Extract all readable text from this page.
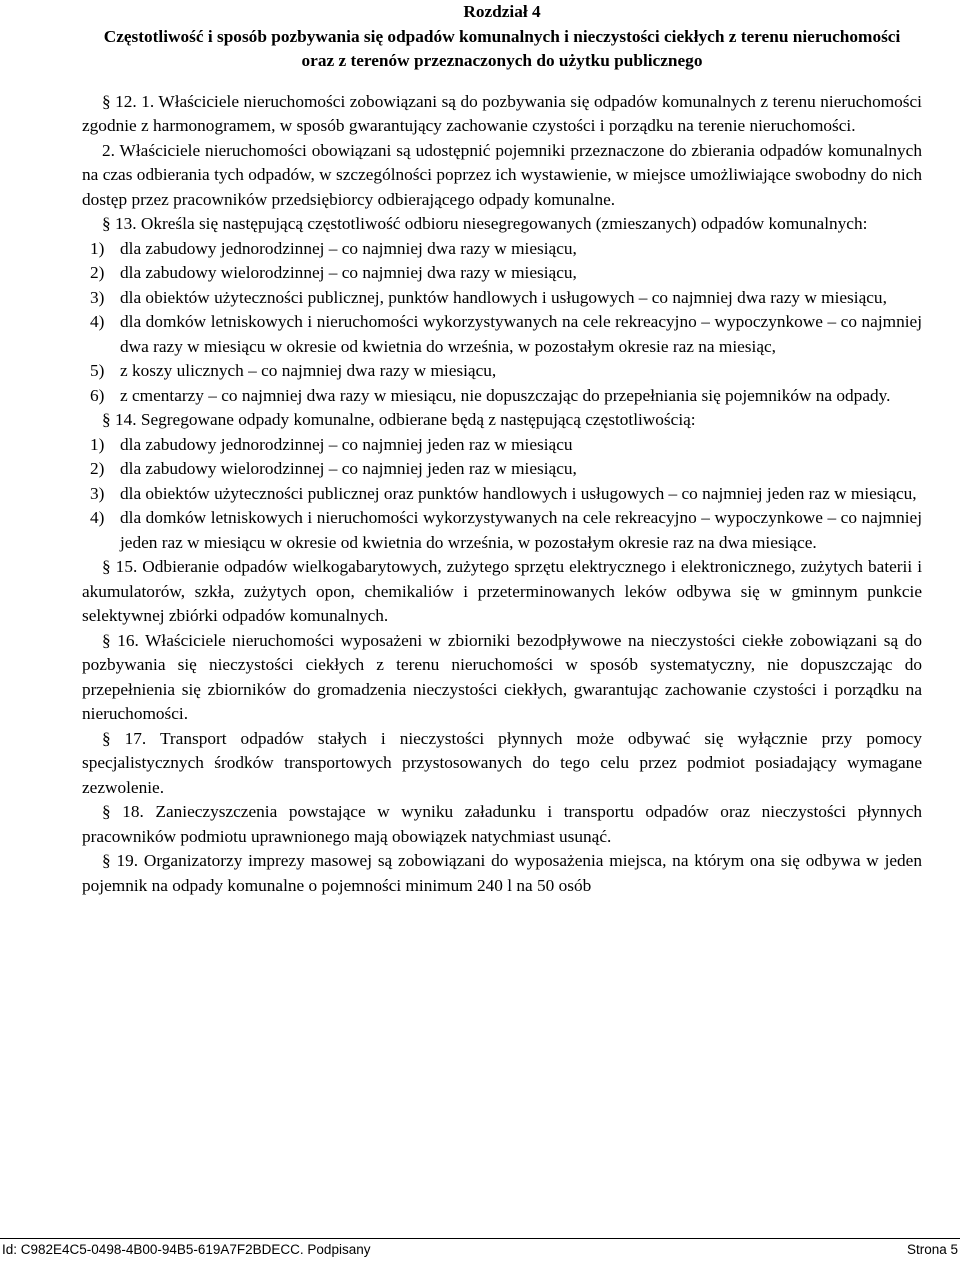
Rozdział 4
Częstotliwość i sposób pozbywania się odpadów komunalnych i nieczystości ciekłych z terenu nieruchomości oraz z terenów przeznaczonych do użytku publicznego

§ 12. 1. Właściciele nieruchomości zobowiązani są do pozbywania się odpadów komunalnych z terenu nieruchomości zgodnie z harmonogramem, w sposób gwarantujący zachowanie czystości i porządku na terenie nieruchomości.

2. Właściciele nieruchomości obowiązani są udostępnić pojemniki przeznaczone do zbierania odpadów komunalnych na czas odbierania tych odpadów, w szczególności poprzez ich wystawienie, w miejsce umożliwiające swobodny do nich dostęp przez pracowników przedsiębiorcy odbierającego odpady komunalne.

§ 13. Określa się następującą częstotliwość odbioru niesegregowanych (zmieszanych) odpadów komunalnych:

1) dla zabudowy jednorodzinnej – co najmniej dwa razy w miesiącu,
2) dla zabudowy wielorodzinnej – co najmniej dwa razy w miesiącu,
3) dla obiektów użyteczności publicznej, punktów handlowych i usługowych – co najmniej dwa razy w miesiącu,
4) dla domków letniskowych i nieruchomości wykorzystywanych na cele rekreacyjno – wypoczynkowe – co najmniej dwa razy w miesiącu w okresie od kwietnia do września, w pozostałym okresie raz na miesiąc,
5) z koszy ulicznych – co najmniej dwa razy w miesiącu,
6) z cmentarzy – co najmniej dwa razy w miesiącu, nie dopuszczając do przepełniania się pojemników na odpady.

§ 14. Segregowane odpady komunalne, odbierane będą z następującą częstotliwością:

1) dla zabudowy jednorodzinnej – co najmniej jeden raz w miesiącu
2) dla zabudowy wielorodzinnej – co najmniej jeden raz w miesiącu,
3) dla obiektów użyteczności publicznej oraz punktów handlowych i usługowych – co najmniej jeden raz w miesiącu,
4) dla domków letniskowych i nieruchomości wykorzystywanych na cele rekreacyjno – wypoczynkowe – co najmniej jeden raz w miesiącu w okresie od kwietnia do września, w pozostałym okresie raz na dwa miesiące.

§ 15. Odbieranie odpadów wielkogabarytowych, zużytego sprzętu elektrycznego i elektronicznego, zużytych baterii i akumulatorów, szkła, zużytych opon, chemikaliów i przeterminowanych leków odbywa się w gminnym punkcie selektywnej zbiórki odpadów komunalnych.

§ 16. Właściciele nieruchomości wyposażeni w zbiorniki bezodpływowe na nieczystości ciekłe zobowiązani są do pozbywania się nieczystości ciekłych z terenu nieruchomości w sposób systematyczny, nie dopuszczając do przepełnienia się zbiorników do gromadzenia nieczystości ciekłych, gwarantując zachowanie czystości i porządku na nieruchomości.

§ 17. Transport odpadów stałych i nieczystości płynnych może odbywać się wyłącznie przy pomocy specjalistycznych środków transportowych przystosowanych do tego celu przez podmiot posiadający wymagane zezwolenie.

§ 18. Zanieczyszczenia powstające w wyniku załadunku i transportu odpadów oraz nieczystości płynnych pracowników podmiotu uprawnionego mają obowiązek natychmiast usunąć.

§ 19. Organizatorzy imprezy masowej są zobowiązani do wyposażenia miejsca, na którym ona się odbywa w jeden pojemnik na odpady komunalne o pojemności minimum 240 l na 50 osób

Id: C982E4C5-0498-4B00-94B5-619A7F2BDECC. Podpisany	Strona 5
